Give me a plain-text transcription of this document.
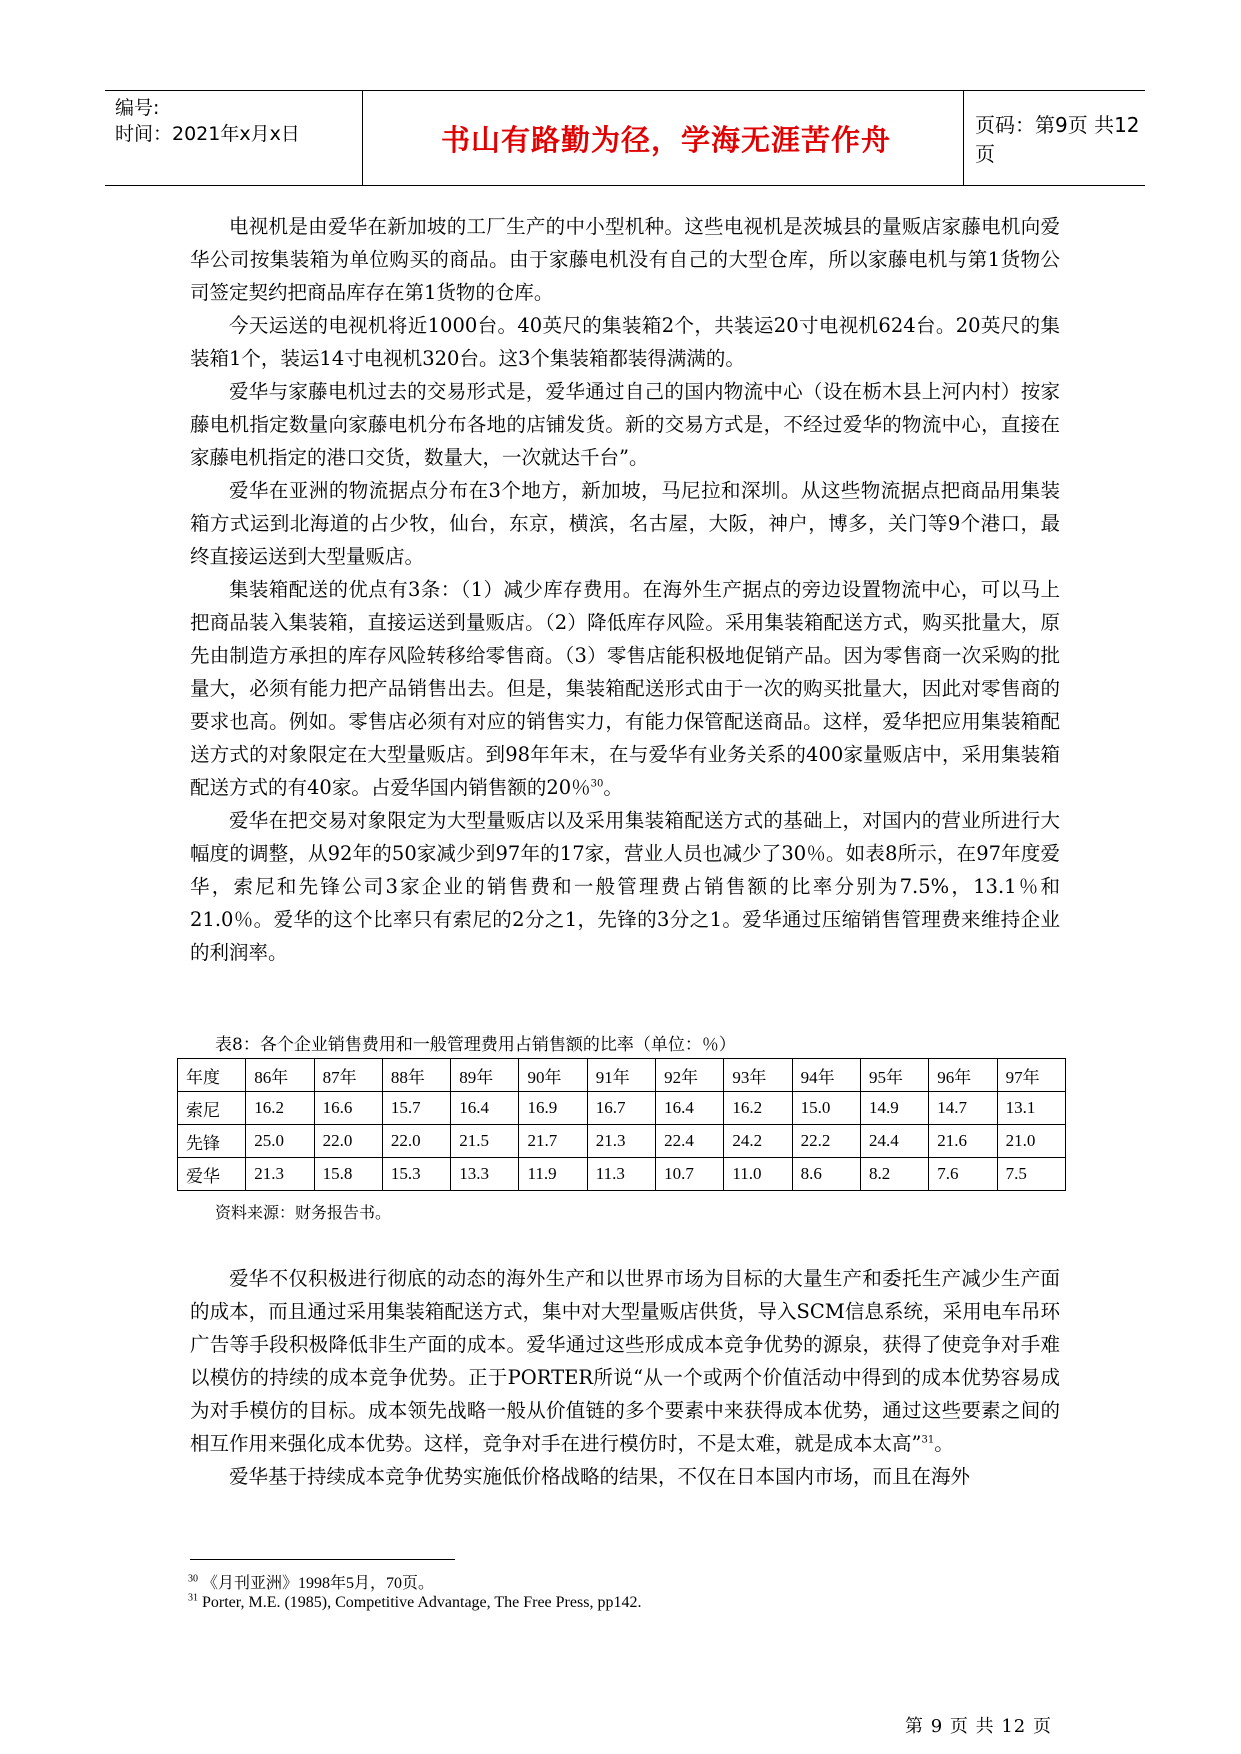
编号:
时间：2021年x月x日	书山有路勤为径，学海无涯苦作舟	页码：第9页 共12页

电视机是由爱华在新加坡的工厂生产的中小型机种。这些电视机是茨城县的量贩店家藤电机向爱华公司按集装箱为单位购买的商品。由于家藤电机没有自己的大型仓库，所以家藤电机与第1货物公司签定契约把商品库存在第1货物的仓库。

今天运送的电视机将近1000台。40英尺的集装箱2个，共装运20寸电视机624台。20英尺的集装箱1个，装运14寸电视机320台。这3个集装箱都装得满满的。

爱华与家藤电机过去的交易形式是，爱华通过自己的国内物流中心（设在栃木县上河内村）按家藤电机指定数量向家藤电机分布各地的店铺发货。新的交易方式是，不经过爱华的物流中心，直接在家藤电机指定的港口交货，数量大，一次就达千台”。

爱华在亚洲的物流据点分布在3个地方，新加坡，马尼拉和深圳。从这些物流据点把商品用集装箱方式运到北海道的占少牧，仙台，东京，横滨，名古屋，大阪，神户，博多，关门等9个港口，最终直接运送到大型量贩店。

集装箱配送的优点有3条：（1）减少库存费用。在海外生产据点的旁边设置物流中心，可以马上把商品装入集装箱，直接运送到量贩店。（2）降低库存风险。采用集装箱配送方式，购买批量大，原先由制造方承担的库存风险转移给零售商。（3）零售店能积极地促销产品。因为零售商一次采购的批量大，必须有能力把产品销售出去。但是，集装箱配送形式由于一次的购买批量大，因此对零售商的要求也高。例如。零售店必须有对应的销售实力，有能力保管配送商品。这样，爱华把应用集装箱配送方式的对象限定在大型量贩店。到98年年末，在与爱华有业务关系的400家量贩店中，采用集装箱配送方式的有40家。占爱华国内销售额的20％$^{30}$。

爱华在把交易对象限定为大型量贩店以及采用集装箱配送方式的基础上，对国内的营业所进行大幅度的调整，从92年的50家减少到97年的17家，营业人员也减少了30％。如表8所示，在97年度爱华，索尼和先锋公司3家企业的销售费和一般管理费占销售额的比率分别为7.5%，13.1％和21.0％。爱华的这个比率只有索尼的2分之1，先锋的3分之1。爱华通过压缩销售管理费来维持企业的利润率。

表8：各个企业销售费用和一般管理费用占销售额的比率（单位：％）
年度	86年	87年	88年	89年	90年	91年	92年	93年	94年	95年	96年	97年
索尼	16.2	16.6	15.7	16.4	16.9	16.7	16.4	16.2	15.0	14.9	14.7	13.1
先锋	25.0	22.0	22.0	21.5	21.7	21.3	22.4	24.2	22.2	24.4	21.6	21.0
爱华	21.3	15.8	15.3	13.3	11.9	11.3	10.7	11.0	8.6	8.2	7.6	7.5
资料来源：财务报告书。

爱华不仅积极进行彻底的动态的海外生产和以世界市场为目标的大量生产和委托生产减少生产面的成本，而且通过采用集装箱配送方式，集中对大型量贩店供货，导入SCM信息系统，采用电车吊环广告等手段积极降低非生产面的成本。爱华通过这些形成成本竞争优势的源泉，获得了使竞争对手难以模仿的持续的成本竞争优势。正于PORTER所说“从一个或两个价值活动中得到的成本优势容易成为对手模仿的目标。成本领先战略一般从价值链的多个要素中来获得成本优势，通过这些要素之间的相互作用来强化成本优势。这样，竞争对手在进行模仿时，不是太难，就是成本太高”$^{31}$。

爱华基于持续成本竞争优势实施低价格战略的结果，不仅在日本国内市场，而且在海外

$^{30}$ 《月刊亚洲》1998年5月，70页。
$^{31}$ Porter, M.E. (1985), Competitive Advantage, The Free Press, pp142.
第 9 页 共 12 页
